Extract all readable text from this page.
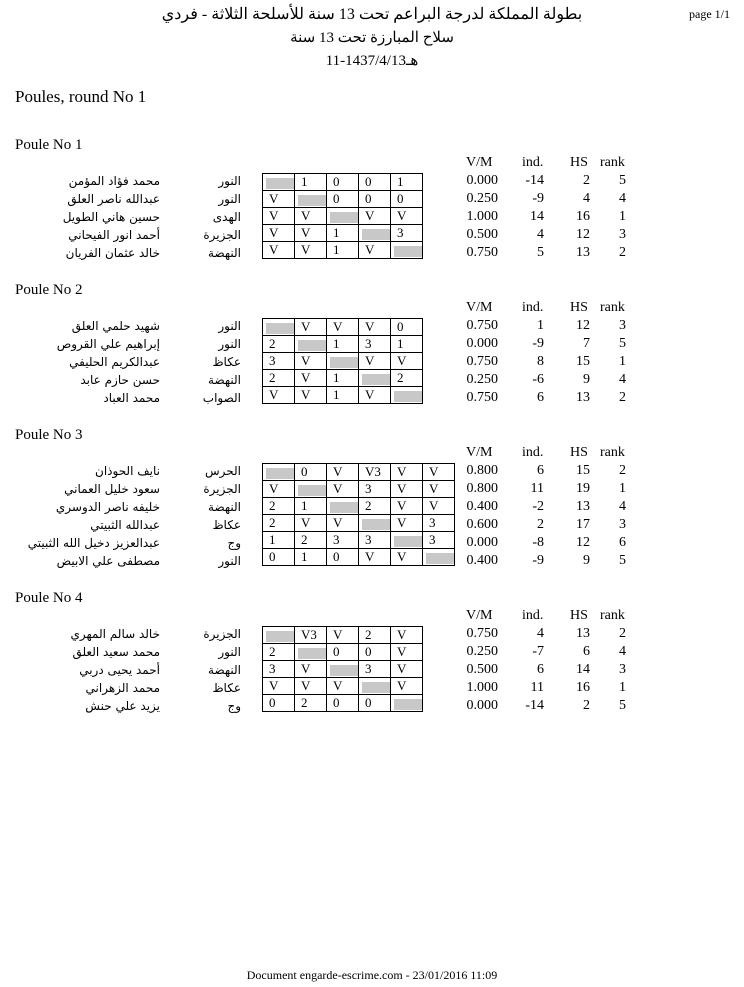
page 1/1
بطولة المملكة لدرجة البراعم تحت 13 سنة للأسلحة الثلاثة - فردي
سلاح المبارزة تحت 13 سنة
11-1437/4/13هـ
Poules, round No 1
Poule No 1
V/M ind. HS rank
محمد فؤاد المؤمن	النور	0.000	-14	2	5
عبدالله ناصر العلق	النور	0.250	-9	4	4
حسين هاني الطويل	الهدى	1.000	14	16	1
أحمد انور الفيحاني	الجزيرة	0.500	4	12	3
خالد عثمان الفريان	النهضة	0.750	5	13	2
	1	0	0	1
V		0	0	0
V	V		V	V
V	V	1		3
V	V	1	V	
Poule No 2
V/M ind. HS rank
شهيد حلمي العلق	النور	0.750	1	12	3
إبراهيم علي القروص	النور	0.000	-9	7	5
عبدالكريم الحليفي	عكاظ	0.750	8	15	1
حسن حازم عابد	النهضة	0.250	-6	9	4
محمد العباد	الصواب	0.750	6	13	2
	V	V	V	0
2		1	3	1
3	V		V	V
2	V	1		2
V	V	1	V	
Poule No 3
V/M ind. HS rank
نايف الحوذان	الحرس	0.800	6	15	2
سعود خليل العماني	الجزيرة	0.800	11	19	1
خليفه ناصر الدوسري	النهضة	0.400	-2	13	4
عبدالله الثبيتي	عكاظ	0.600	2	17	3
عبدالعزيز دخيل الله الثبيتي	وج	0.000	-8	12	6
مصطفى علي الابيض	النور	0.400	-9	9	5
	0	V	V3	V	V
V		V	3	V	V
2	1		2	V	V
2	V	V		V	3
1	2	3	3		3
0	1	0	V	V	
Poule No 4
V/M ind. HS rank
خالد سالم المهري	الجزيرة	0.750	4	13	2
محمد سعيد العلق	النور	0.250	-7	6	4
أحمد يحيى دربي	النهضة	0.500	6	14	3
محمد الزهراني	عكاظ	1.000	11	16	1
يزيد علي حنش	وج	0.000	-14	2	5
	V3	V	2	V
2		0	0	V
3	V		3	V
V	V	V		V
0	2	0	0	
Document engarde-escrime.com - 23/01/2016 11:09
